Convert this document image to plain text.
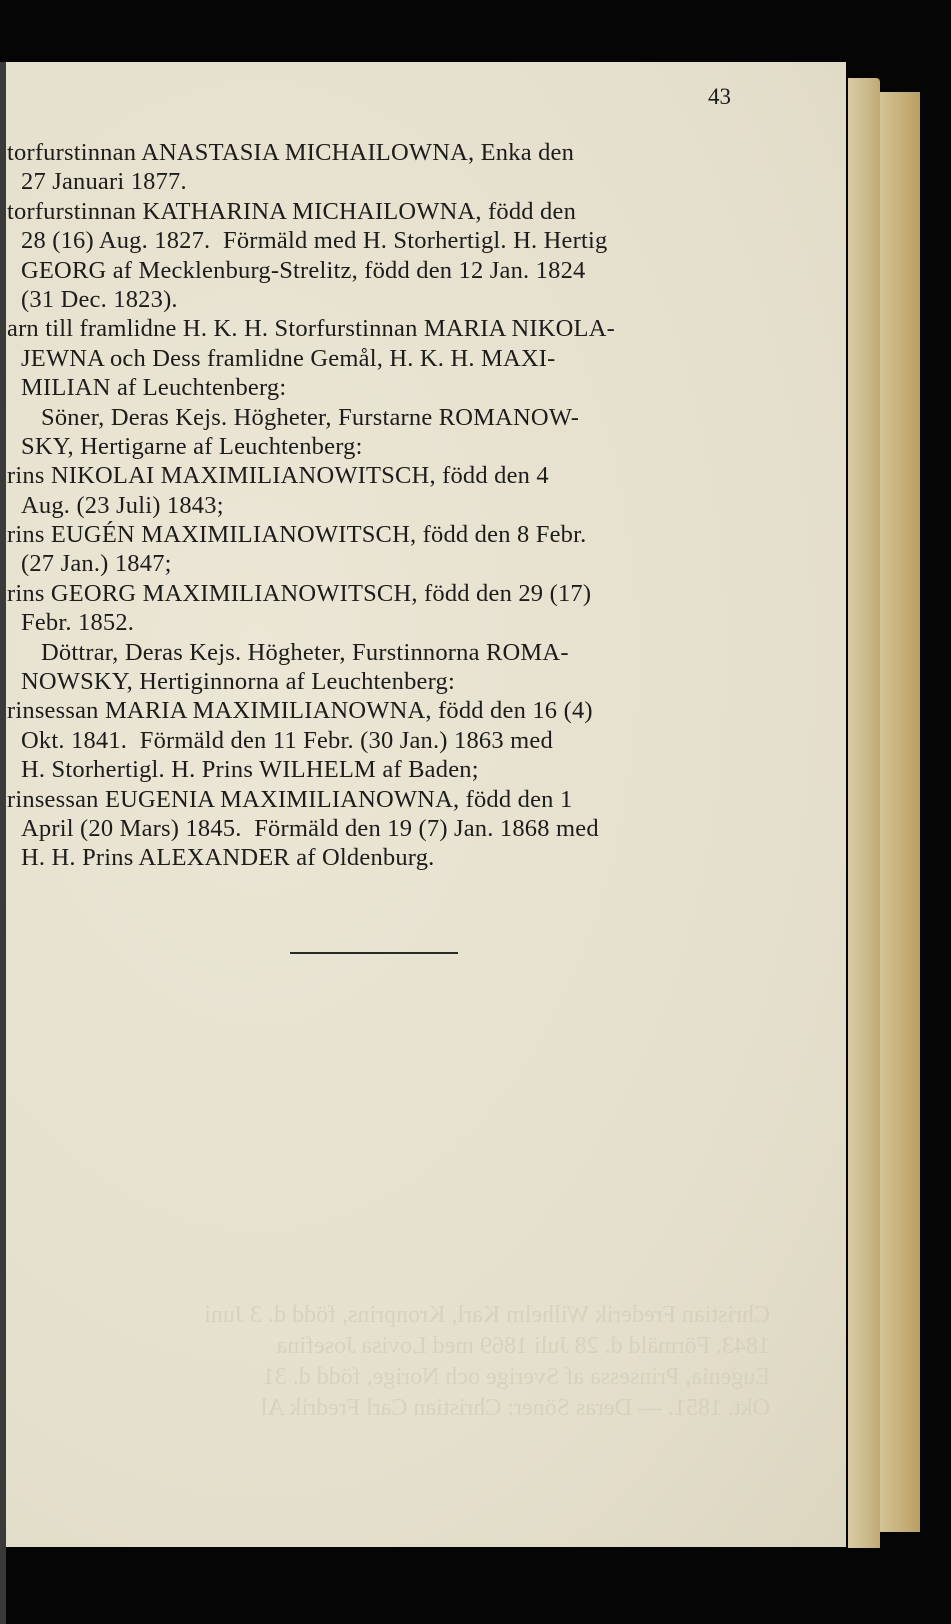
43
torfurstinnan ANASTASIA MICHAILOWNA, Enka den
27 Januari 1877.
torfurstinnan KATHARINA MICHAILOWNA, född den
28 (16) Aug. 1827.  Förmäld med H. Storhertigl. H. Hertig
GEORG af Mecklenburg-Strelitz, född den 12 Jan. 1824
(31 Dec. 1823).
arn till framlidne H. K. H. Storfurstinnan MARIA NIKOLA-
JEWNA och Dess framlidne Gemål, H. K. H. MAXI-
MILIAN af Leuchtenberg:
Söner, Deras Kejs. Högheter, Furstarne ROMANOW-
SKY, Hertigarne af Leuchtenberg:
rins NIKOLAI MAXIMILIANOWITSCH, född den 4
Aug. (23 Juli) 1843;
rins EUGÉN MAXIMILIANOWITSCH, född den 8 Febr.
(27 Jan.) 1847;
rins GEORG MAXIMILIANOWITSCH, född den 29 (17)
Febr. 1852.
Döttrar, Deras Kejs. Högheter, Furstinnorna ROMA-
NOWSKY, Hertiginnorna af Leuchtenberg:
rinsessan MARIA MAXIMILIANOWNA, född den 16 (4)
Okt. 1841.  Förmäld den 11 Febr. (30 Jan.) 1863 med
H. Storhertigl. H. Prins WILHELM af Baden;
rinsessan EUGENIA MAXIMILIANOWNA, född den 1
April (20 Mars) 1845.  Förmäld den 19 (7) Jan. 1868 med
H. H. Prins ALEXANDER af Oldenburg.
Christian Frederik Wilhelm Karl, Kronprins, född d. 3 Juni
1843. Förmäld d. 28 Juli 1869 med Lovisa Josefina
Eugenia, Prinsessa af Sverige och Norige, född d. 31
Okt. 1851. — Deras Söner: Christian Carl Fredrik Al
